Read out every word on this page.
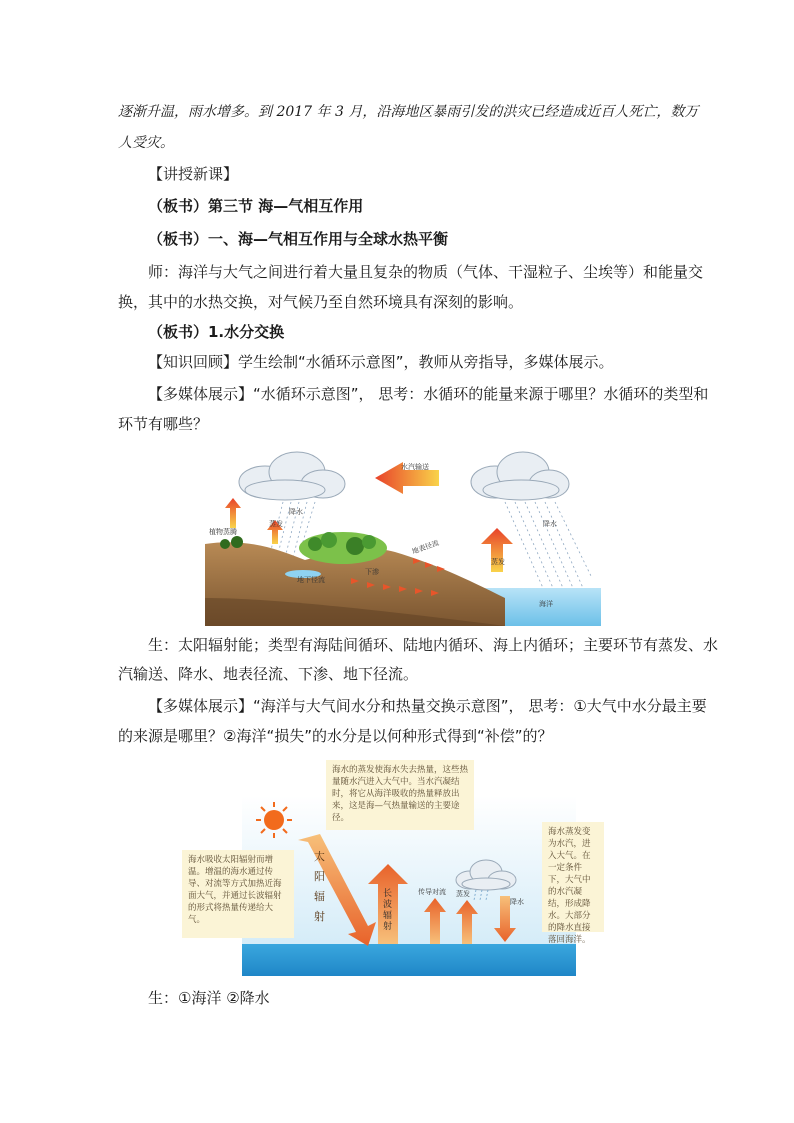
逐渐升温，雨水增多。到 2017 年 3 月，沿海地区暴雨引发的洪灾已经造成近百人死亡，数万
人受灾。
【讲授新课】
（板书）第三节 海—气相互作用
（板书）一、海—气相互作用与全球水热平衡
师：海洋与大气之间进行着大量且复杂的物质（气体、干湿粒子、尘埃等）和能量交
换，其中的水热交换，对气候乃至自然环境具有深刻的影响。
（板书）1.水分交换
【知识回顾】学生绘制“水循环示意图”，教师从旁指导，多媒体展示。
【多媒体展示】“水循环示意图”， 思考：水循环的能量来源于哪里？水循环的类型和
环节有哪些？
水汽输送
降水
植物蒸腾
蒸发
地表径流
下渗
地下径流
蒸发
降水
海洋
生：太阳辐射能；类型有海陆间循环、陆地内循环、海上内循环；主要环节有蒸发、水
汽输送、降水、地表径流、下渗、地下径流。
【多媒体展示】“海洋与大气间水分和热量交换示意图”， 思考：①大气中水分最主要
的来源是哪里？②海洋“损失”的水分是以何种形式得到“补偿”的？
太阳辐射
长波辐射
传导对流 蒸发
降水
海水的蒸发使海水失去热量，这些热量随水汽进入大气中。当水汽凝结时，将它从海洋吸收的热量释放出来，这是海—气热量输送的主要途径。
海水吸收太阳辐射而增温。增温的海水通过传导、对流等方式加热近海面大气，并通过长波辐射的形式将热量传递给大气。
海水蒸发变为水汽，进入大气。在一定条件下，大气中的水汽凝结，形成降水。大部分的降水直接落回海洋。
生：①海洋 ②降水
